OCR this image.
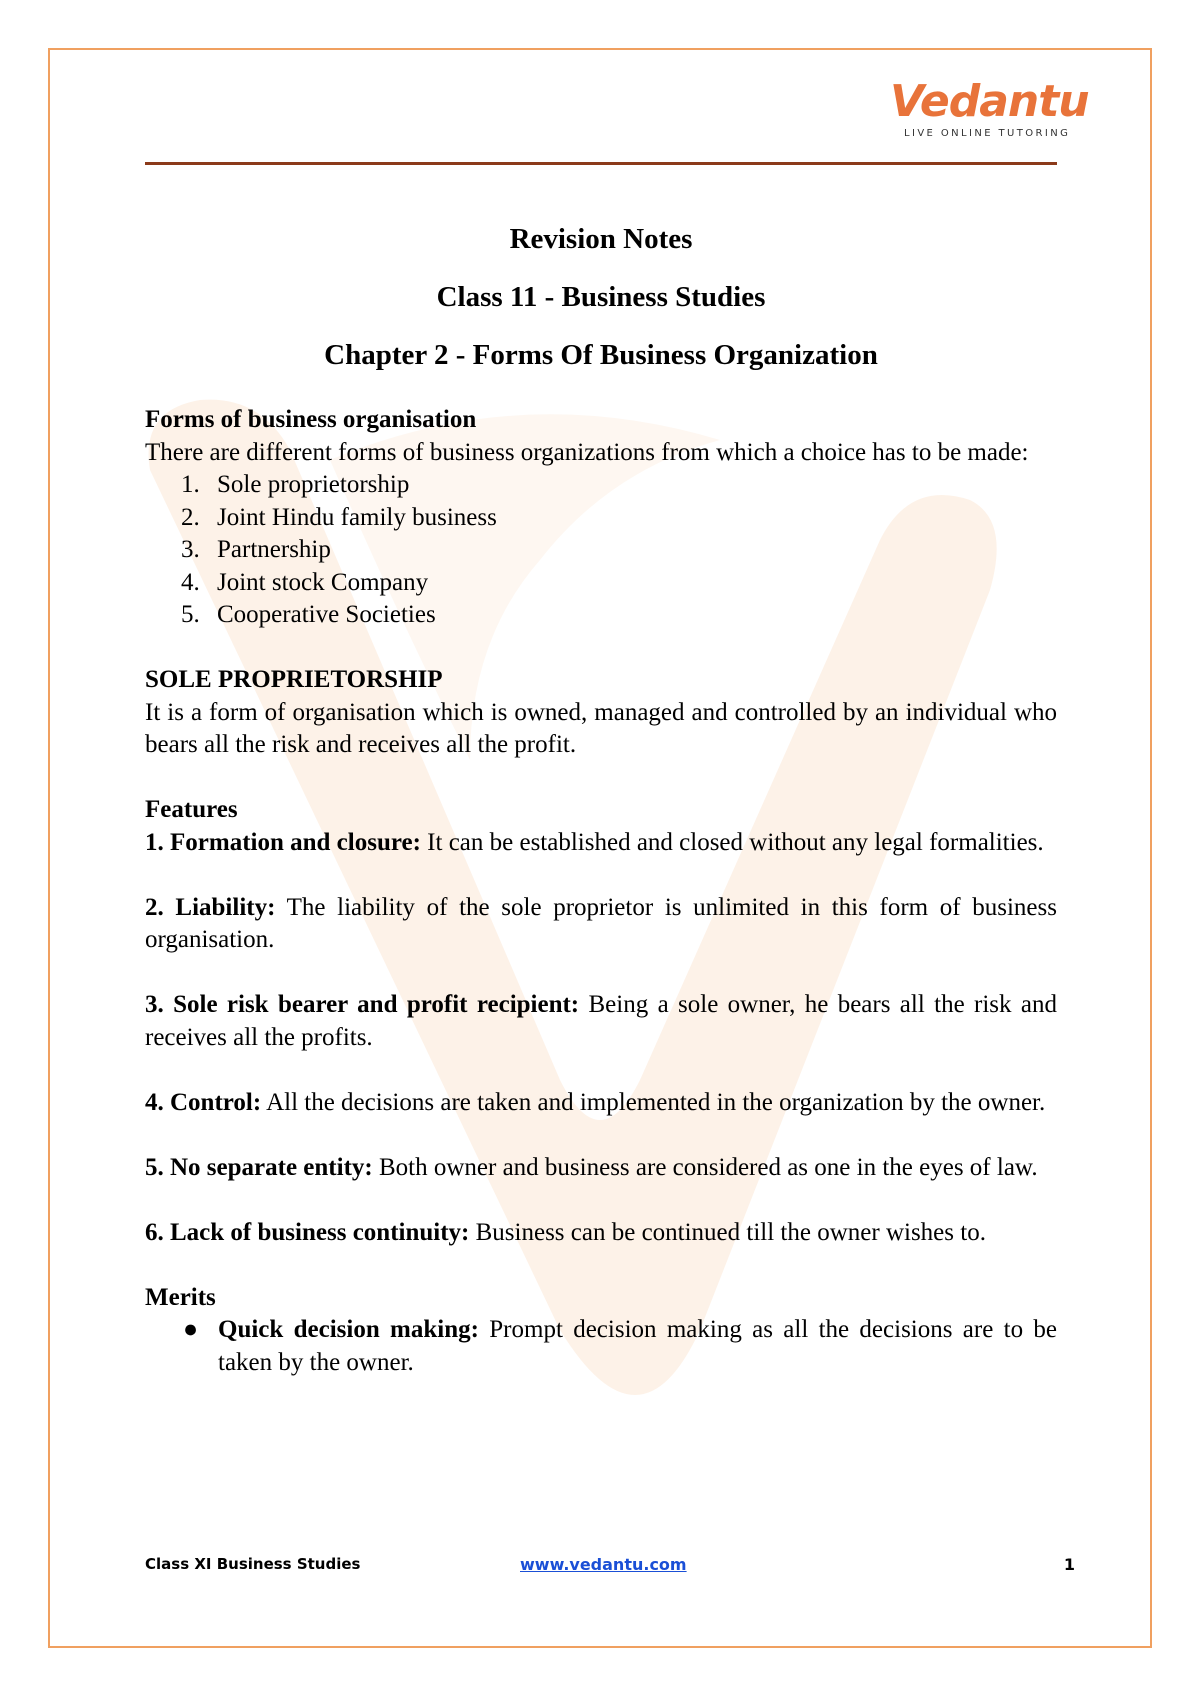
Vedantu
LIVE ONLINE TUTORING
Revision Notes
Class 11 - Business Studies
Chapter 2 - Forms Of Business Organization
Forms of business organisation

There are different forms of business organizations from which a choice has to be made:

1. Sole proprietorship
2. Joint Hindu family business
3. Partnership
4. Joint stock Company
5. Cooperative Societies
SOLE PROPRIETORSHIP

It is a form of organisation which is owned, managed and controlled by an individual who bears all the risk and receives all the profit.

Features

1. Formation and closure: It can be established and closed without any legal formalities.

2. Liability: The liability of the sole proprietor is unlimited in this form of business organisation.

3. Sole risk bearer and profit recipient: Being a sole owner, he bears all the risk and receives all the profits.

4. Control: All the decisions are taken and implemented in the organization by the owner.

5. No separate entity: Both owner and business are considered as one in the eyes of law.

6. Lack of business continuity: Business can be continued till the owner wishes to.

Merits
● Quick decision making: Prompt decision making as all the decisions are to be taken by the owner.
Class XI Business Studies	www.vedantu.com	1
